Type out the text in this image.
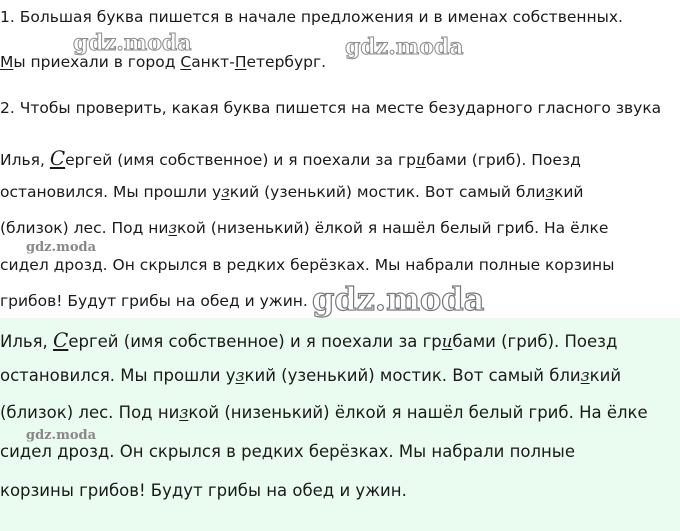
1. Большая буква пишется в начале предложения и в именах собственных.
Мы приехали в город Санкт-Петербург.
2. Чтобы проверить, какая буква пишется на месте безударного гласного звука
Илья, Сергей (имя собственное) и я поехали за грибами (гриб). Поезд
остановился. Мы прошли узкий (узенький) мостик. Вот самый близкий
(близок) лес. Под низкой (низенький) ёлкой я нашёл белый гриб. На ёлке
сидел дрозд. Он скрылся в редких берёзках. Мы набрали полные корзины
грибов! Будут грибы на обед и ужин.
Илья, Сергей (имя собственное) и я поехали за грибами (гриб). Поезд
остановился. Мы прошли узкий (узенький) мостик. Вот самый близкий
(близок) лес. Под низкой (низенький) ёлкой я нашёл белый гриб. На ёлке
сидел дрозд. Он скрылся в редких берёзках. Мы набрали полные
корзины грибов! Будут грибы на обед и ужин.
gdz.moda	gdz.moda
gdz.moda
gdz.moda
gdz.moda
